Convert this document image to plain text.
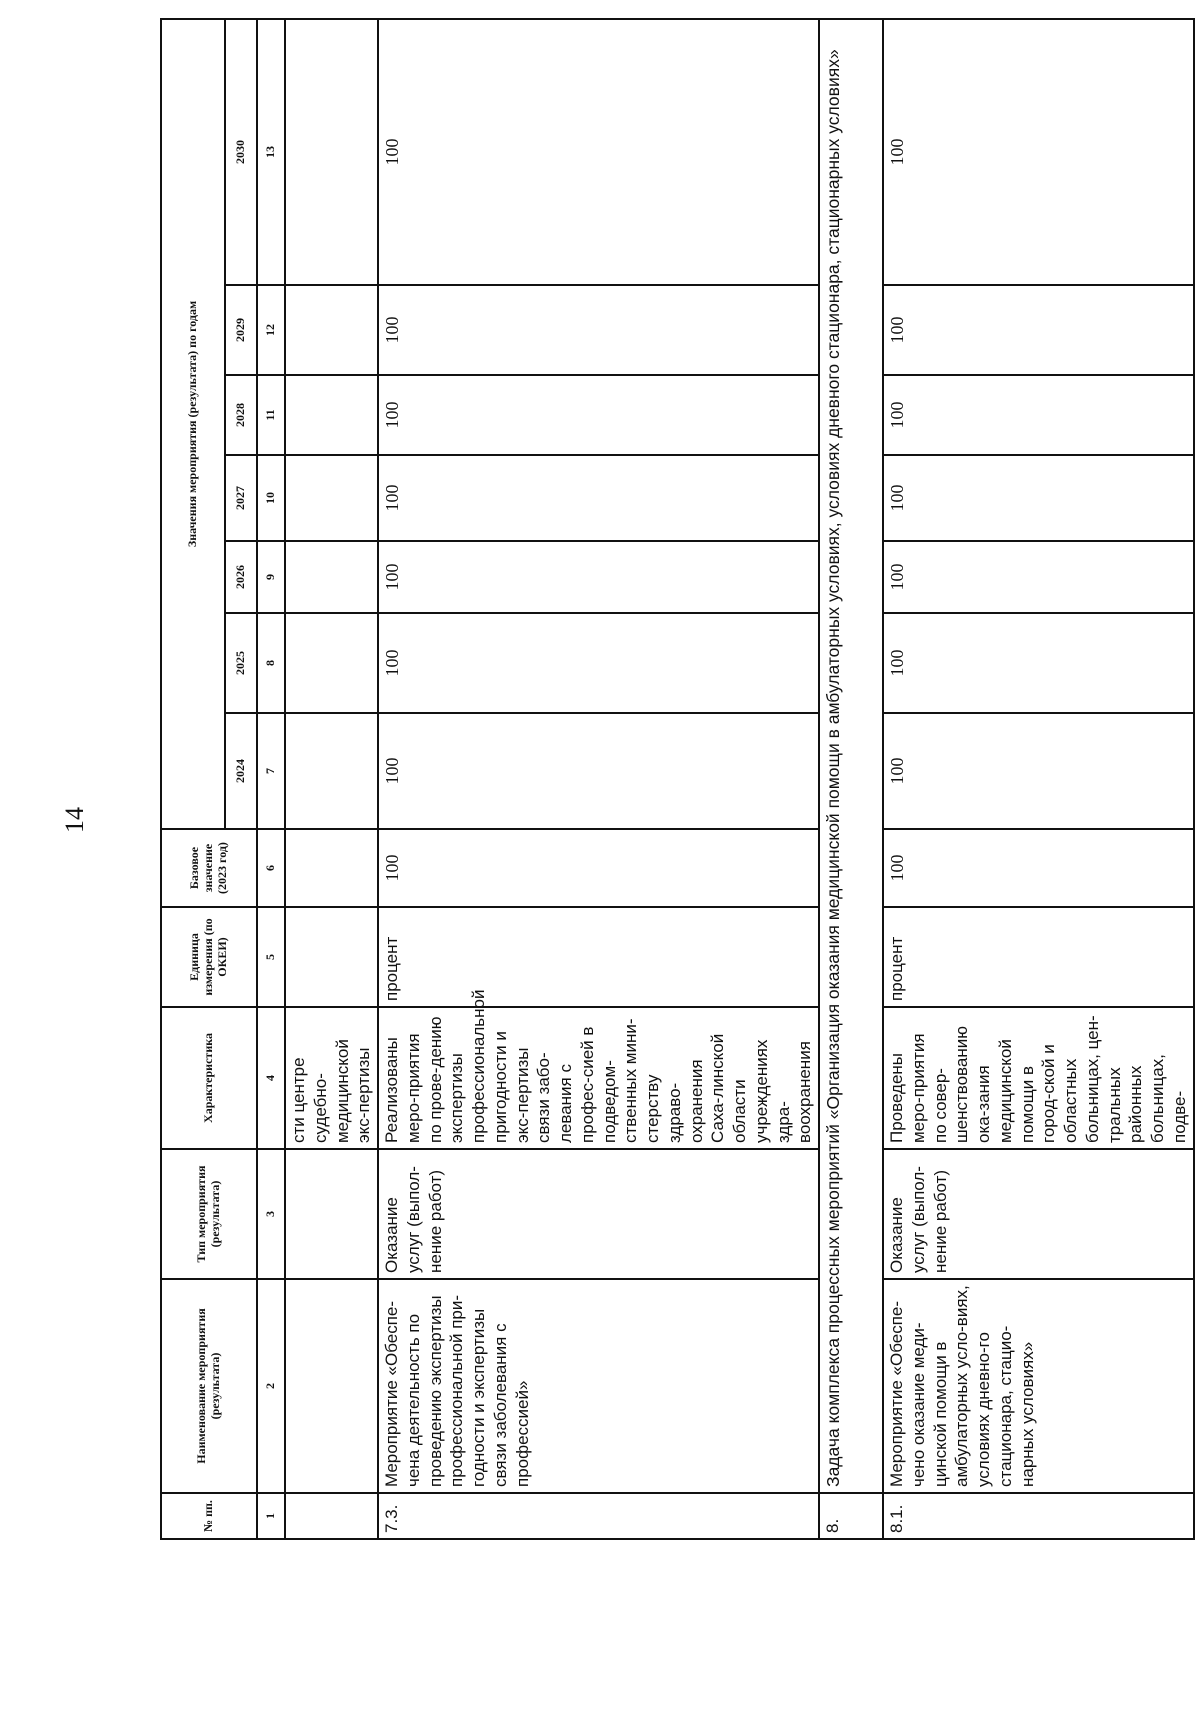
14
№ пп.	Наименование мероприятия (результата)	Тип мероприятия (результата)	Характеристика	Единица измерения (по ОКЕИ)	Базовое значение (2023 год)	Значения мероприятия (результата) по годам						
						2024	2025	2026	2027	2028	2029	2030
1	2	3	4	5	6	7	8	9	10	11	12	13
			сти центре судебно-медицинской экс-пертизы									
7.3.	Мероприятие «Обеспе-чена деятельность по проведению экспертизы профессиональной при-годности и экспертизы связи заболевания с профессией»	Оказание услуг (выпол-нение работ)	Реализованы меро-приятия по прове-дению экспертизы профессиональной пригодности и экс-пертизы связи забо-левания с профес-сией в подведом-ственных мини-стерству здраво-охранения Саха-линской области учреждениях здра-воохранения	процент	100	100	100	100	100	100	100	100
8.	Задача комплекса процессных мероприятий «Организация оказания медицинской помощи в амбулаторных условиях, условиях дневного стационара, стационарных условиях»											
8.1.	Мероприятие «Обеспе-чено оказание меди-цинской помощи в амбулаторных усло-виях, условиях дневно-го стационара, стацио-нарных условиях»	Оказание услуг (выпол-нение работ)	Проведены меро-приятия по совер-шенствованию ока-зания медицинской помощи в город-ской и областных больницах, цен-тральных районных больницах, подве-	процент	100	100	100	100	100	100	100	100
